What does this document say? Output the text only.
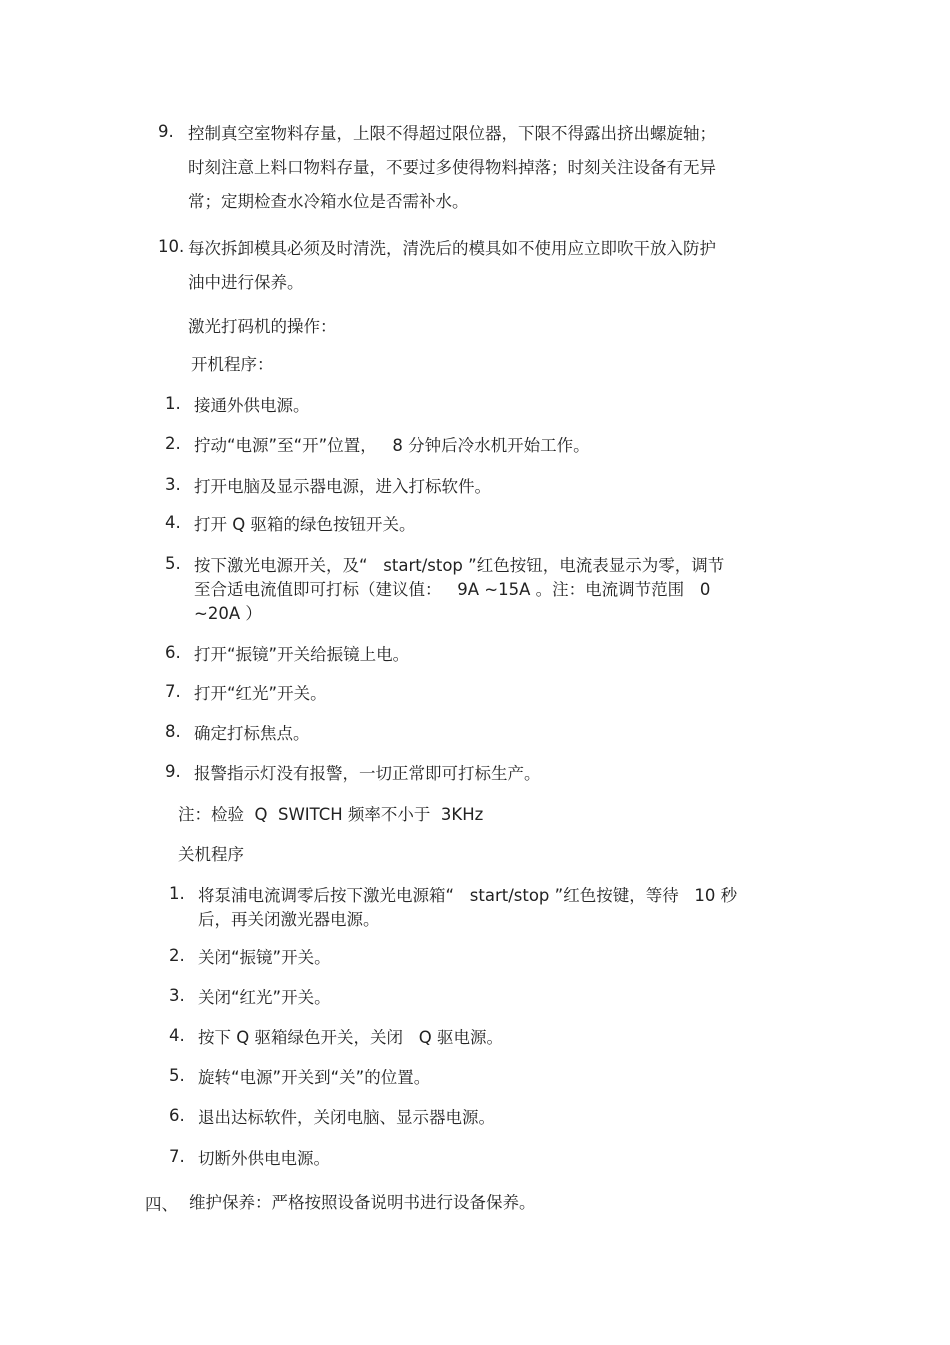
9. 控制真空室物料存量，上限不得超过限位器，下限不得露出挤出螺旋轴；
时刻注意上料口物料存量，不要过多使得物料掉落；时刻关注设备有无异
常；定期检查水冷箱水位是否需补水。
10. 每次拆卸模具必须及时清洗，清洗后的模具如不使用应立即吹干放入防护
油中进行保养。
激光打码机的操作：
开机程序：
1. 接通外供电源。
2. 拧动“电源”至“开”位置，   8 分钟后冷水机开始工作。
3. 打开电脑及显示器电源，进入打标软件。
4. 打开 Q 驱箱的绿色按钮开关。
5. 按下激光电源开关，及“   start/stop ”红色按钮，电流表显示为零，调节
至合适电流值即可打标（建议值：   9A ~15A 。注：电流调节范围   0
~20A ）
6. 打开“振镜”开关给振镜上电。
7. 打开“红光”开关。
8. 确定打标焦点。
9. 报警指示灯没有报警，一切正常即可打标生产。
注：检验  Q  SWITCH 频率不小于  3KHz
关机程序
1. 将泵浦电流调零后按下激光电源箱“   start/stop ”红色按键，等待   10 秒
后，再关闭激光器电源。
2. 关闭“振镜”开关。
3. 关闭“红光”开关。
4. 按下 Q 驱箱绿色开关，关闭   Q 驱电源。
5. 旋转“电源”开关到“关”的位置。
6. 退出达标软件，关闭电脑、显示器电源。
7. 切断外供电电源。
四、 维护保养：严格按照设备说明书进行设备保养。
